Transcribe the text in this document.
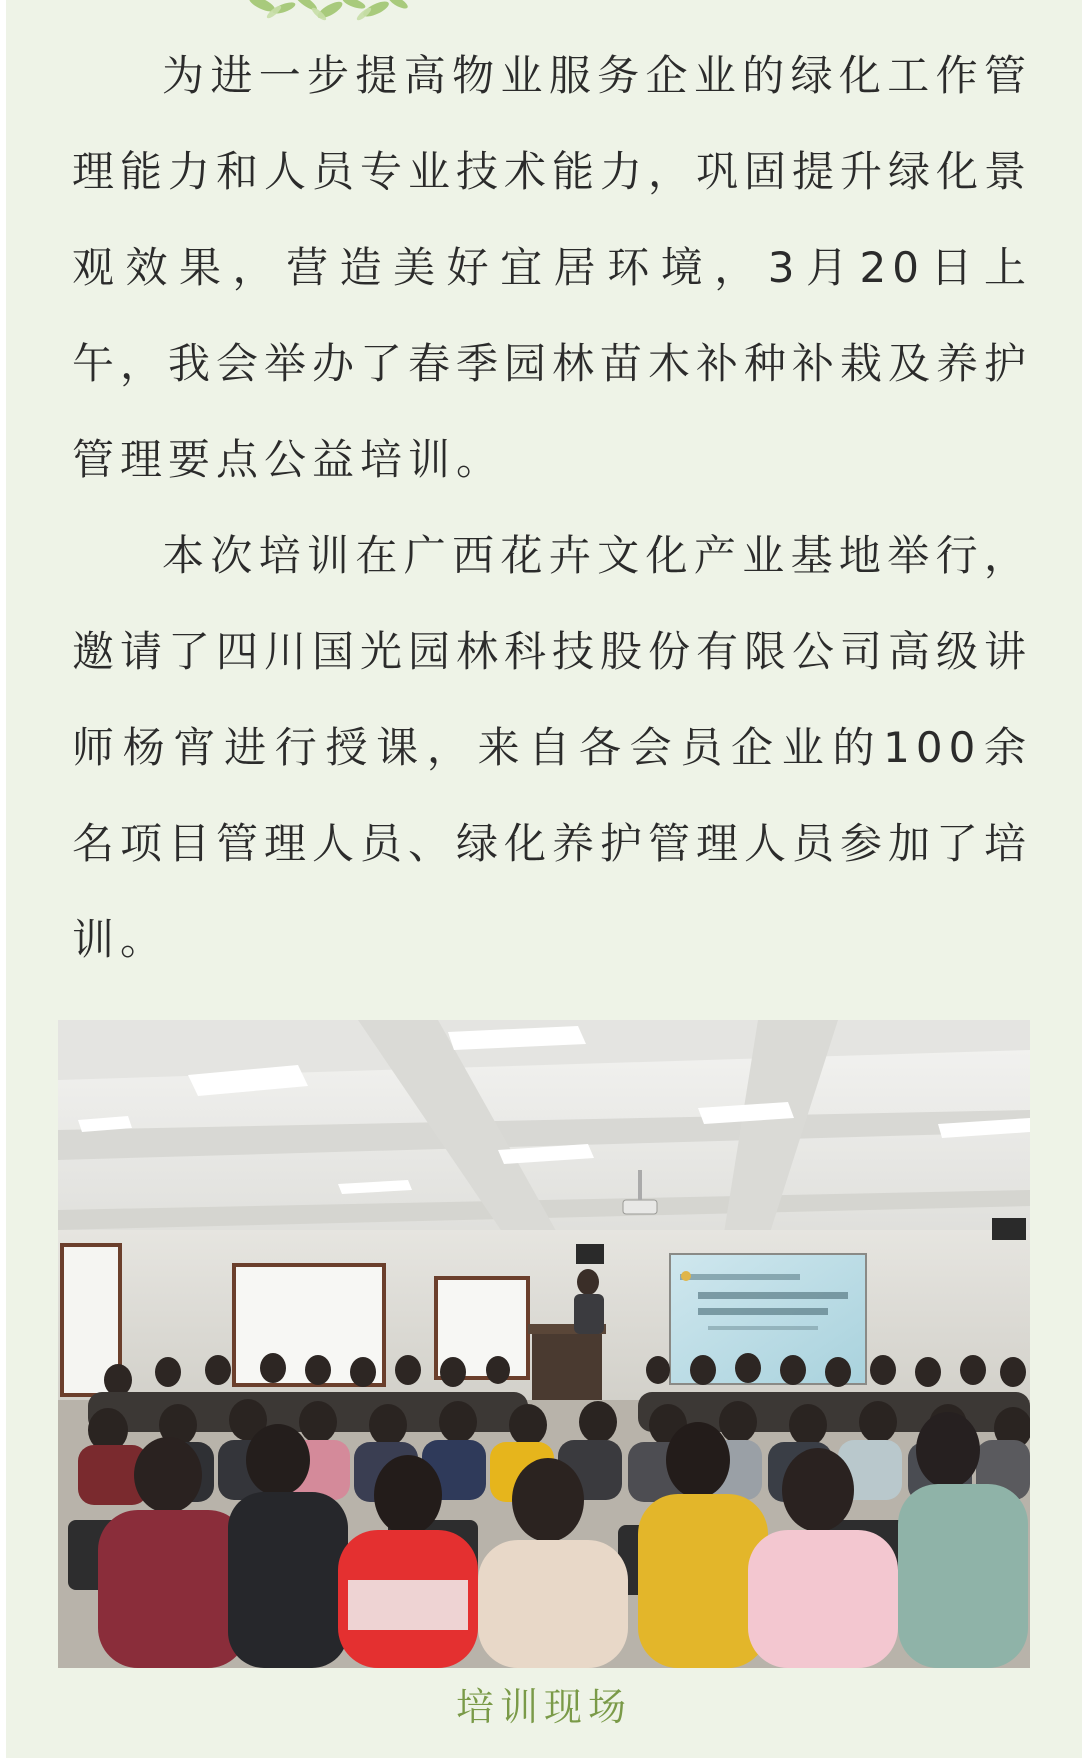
为进一步提高物业服务企业的绿化工作管理能力和人员专业技术能力，巩固提升绿化景观效果，营造美好宜居环境，3月20日上午，我会举办了春季园林苗木补种补栽及养护管理要点公益培训。

本次培训在广西花卉文化产业基地举行，邀请了四川国光园林科技股份有限公司高级讲师杨宵进行授课，来自各会员企业的100余名项目管理人员、绿化养护管理人员参加了培训。

培训现场
